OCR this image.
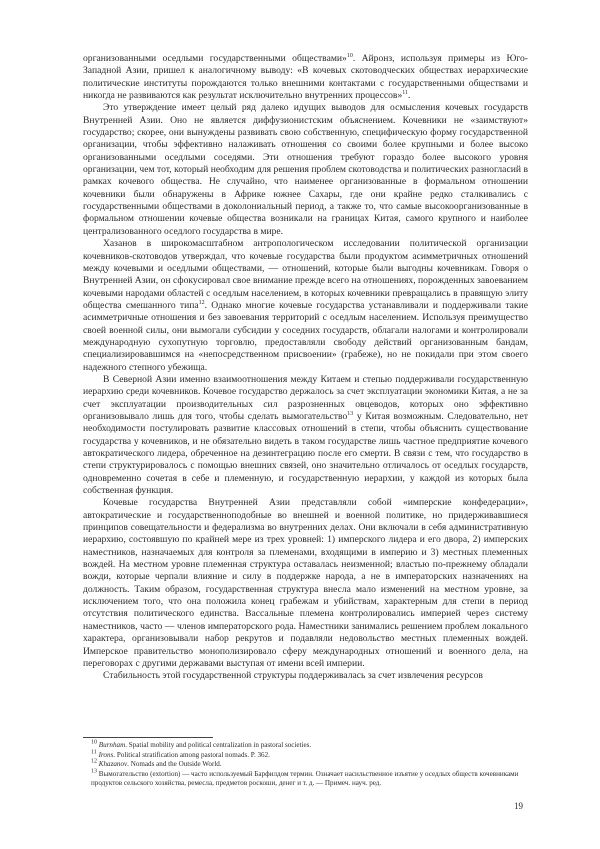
организованными оседлыми государственными обществами»$^{10}$. Айронз, используя примеры из Юго-Западной Азии, пришел к аналогичному выводу: «В кочевых скотоводческих обществах иерархические политические институты порождаются только внешними контактами с государственными обществами и никогда не развиваются как результат исключительно внутренних процессов»$^{11}$.

Это утверждение имеет целый ряд далеко идущих выводов для осмысления кочевых государств Внутренней Азии. Оно не является диффузионистским объяснением. Кочевники не «заимствуют» государство; скорее, они вынуждены развивать свою собственную, специфическую форму государственной организации, чтобы эффективно налаживать отношения со своими более крупными и более высоко организованными оседлыми соседями. Эти отношения требуют гораздо более высокого уровня организации, чем тот, который необходим для решения проблем скотоводства и политических разногласий в рамках кочевого общества. Не случайно, что наименее организованные в формальном отношении кочевники были обнаружены в Африке южнее Сахары, где они крайне редко сталкивались с государственными обществами в доколониальный период, а также то, что самые высокоорганизованные в формальном отношении кочевые общества возникали на границах Китая, самого крупного и наиболее централизованного оседлого государства в мире.

Хазанов в широкомасштабном антропологическом исследовании политической организации кочевников-скотоводов утверждал, что кочевые государства были продуктом асимметричных отношений между кочевыми и оседлыми обществами, — отношений, которые были выгодны кочевникам. Говоря о Внутренней Азии, он сфокусировал свое внимание прежде всего на отношениях, порожденных завоеванием кочевыми народами областей с оседлым населением, в которых кочевники превращались в правящую элиту общества смешанного типа$^{12}$. Однако многие кочевые государства устанавливали и поддерживали такие асимметричные отношения и без завоевания территорий с оседлым населением. Используя преимущество своей военной силы, они вымогали субсидии у соседних государств, облагали налогами и контролировали международную сухопутную торговлю, предоставляли свободу действий организованным бандам, специализировавшимся на «непосредственном присвоении» (грабеже), но не покидали при этом своего надежного степного убежища.

В Северной Азии именно взаимоотношения между Китаем и степью поддерживали государственную иерархию среди кочевников. Кочевое государство держалось за счет эксплуатации экономики Китая, а не за счет эксплуатации производительных сил разрозненных овцеводов, которых оно эффективно организовывало лишь для того, чтобы сделать вымогательство$^{13}$ у Китая возможным. Следовательно, нет необходимости постулировать развитие классовых отношений в степи, чтобы объяснить существование государства у кочевников, и не обязательно видеть в таком государстве лишь частное предприятие кочевого автократического лидера, обреченное на дезинтеграцию после его смерти. В связи с тем, что государство в степи структурировалось с помощью внешних связей, оно значительно отличалось от оседлых государств, одновременно сочетая в себе и племенную, и государственную иерархии, у каждой из которых была собственная функция.

Кочевые государства Внутренней Азии представляли собой «имперские конфедерации», автократические и государственноподобные во внешней и военной политике, но придерживавшиеся принципов совещательности и федерализма во внутренних делах. Они включали в себя административную иерархию, состоявшую по крайней мере из трех уровней: 1) имперского лидера и его двора, 2) имперских наместников, назначаемых для контроля за племенами, входящими в империю и 3) местных племенных вождей. На местном уровне племенная структура оставалась неизменной; властью по-прежнему обладали вожди, которые черпали влияние и силу в поддержке народа, а не в императорских назначениях на должность. Таким образом, государственная структура внесла мало изменений на местном уровне, за исключением того, что она положила конец грабежам и убийствам, характерным для степи в период отсутствия политического единства. Вассальные племена контролировались империей через систему наместников, часто — членов императорского рода. Наместники занимались решением проблем локального характера, организовывали набор рекрутов и подавляли недовольство местных племенных вождей. Имперское правительство монополизировало сферу международных отношений и военного дела, на переговорах с другими державами выступая от имени всей империи.

Стабильность этой государственной структуры поддерживалась за счет извлечения ресурсов

$^{10}$ Burnham. Spatial mobility and political centralization in pastoral societies.
$^{11}$ Irons. Political stratification among pastoral nomads. P. 362.
$^{12}$ Khazanov. Nomads and the Outside World.
$^{13}$ Вымогательство (extortion) — часто используемый Барфилдом термин. Означает насильственное изъятие у оседлых обществ кочевниками продуктов сельского хозяйства, ремесла, предметов роскоши, денег и т. д. — Примеч. науч. ред.
19
